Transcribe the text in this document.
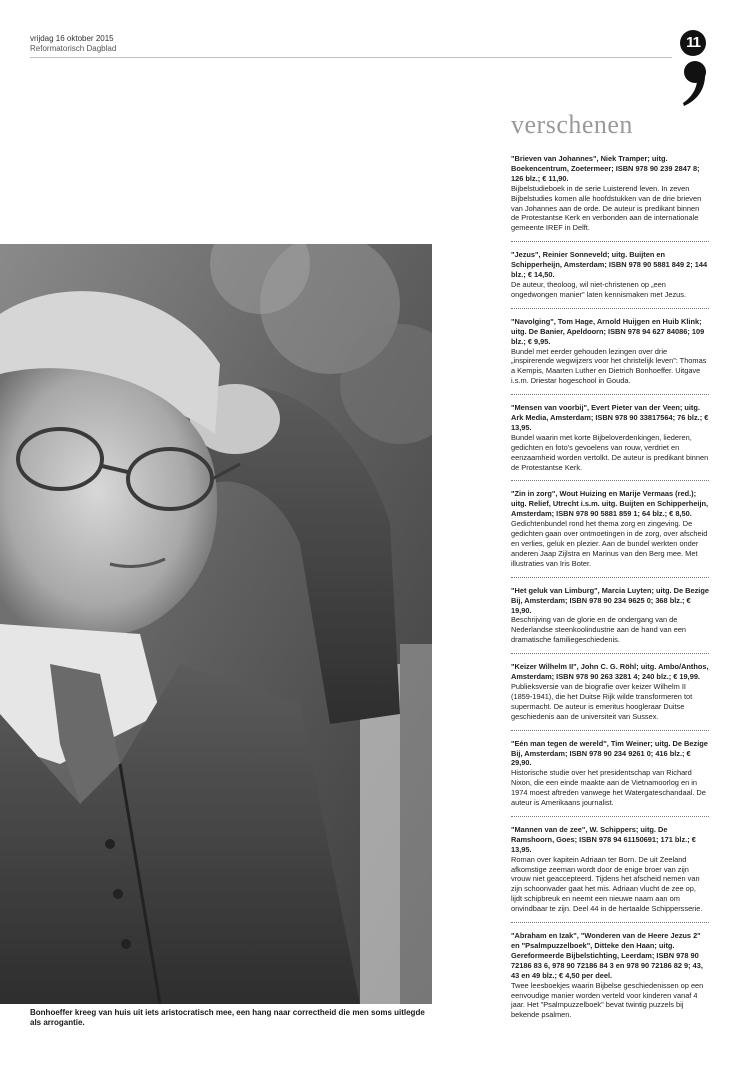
vrijdag 16 oktober 2015
Reformatorisch Dagblad	11
verschenen
Bonhoeffer kreeg van huis uit iets aristocratisch mee, een hang naar correctheid die men soms uitlegde als arrogantie.
"Brieven van Johannes", Niek Tramper; uitg. Boekencentrum, Zoetermeer; ISBN 978 90 239 2847 8; 126 blz.; € 11,90.
Bijbelstudieboek in de serie Luisterend leven. In zeven Bijbelstudies komen alle hoofdstukken van de drie brieven van Johannes aan de orde. De auteur is predikant binnen de Protestantse Kerk en verbonden aan de internationale gemeente IREF in Delft.
"Jezus", Reinier Sonneveld; uitg. Buijten en Schipperheijn, Amsterdam; ISBN 978 90 5881 849 2; 144 blz.; € 14,50.
De auteur, theoloog, wil niet-christenen op „een ongedwongen manier” laten kennismaken met Jezus.
"Navolging", Tom Hage, Arnold Huijgen en Huib Klink; uitg. De Banier, Apeldoorn; ISBN 978 94 627 84086; 109 blz.; € 9,95.
Bundel met eerder gehouden lezingen over drie „inspirerende wegwijzers voor het christelijk leven”: Thomas a Kempis, Maarten Luther en Dietrich Bonhoeffer. Uitgave i.s.m. Driestar hogeschool in Gouda.
"Mensen van voorbij", Evert Pieter van der Veen; uitg. Ark Media, Amsterdam; ISBN 978 90 33817564; 76 blz.; € 13,95.
Bundel waarin met korte Bijbeloverdenkingen, liederen, gedichten en foto's gevoelens van rouw, verdriet en eenzaamheid worden vertolkt. De auteur is predikant binnen de Protestantse Kerk.
"Zin in zorg", Wout Huizing en Marije Vermaas (red.); uitg. Relief, Utrecht i.s.m. uitg. Buijten en Schipperheijn, Amsterdam; ISBN 978 90 5881 859 1; 64 blz.; € 8,50.
Gedichtenbundel rond het thema zorg en zingeving. De gedichten gaan over ontmoetingen in de zorg, over afscheid en verlies, geluk en plezier. Aan de bundel werkten onder anderen Jaap Zijlstra en Marinus van den Berg mee. Met illustraties van Iris Boter.
"Het geluk van Limburg", Marcia Luyten; uitg. De Bezige Bij, Amsterdam; ISBN 978 90 234 9625 0; 368 blz.; € 19,90.
Beschrijving van de glorie en de ondergang van de Nederlandse steenkoolindustrie aan de hand van een dramatische familiegeschiedenis.
"Keizer Wilhelm II", John C. G. Röhl; uitg. Ambo/Anthos, Amsterdam; ISBN 978 90 263 3281 4; 240 blz.; € 19,99.
Publieksversie van de biografie over keizer Wilhelm II (1859-1941), die het Duitse Rijk wilde transformeren tot supermacht. De auteur is emeritus hoogleraar Duitse geschiedenis aan de universiteit van Sussex.
"Eén man tegen de wereld", Tim Weiner; uitg. De Bezige Bij, Amsterdam; ISBN 978 90 234 9261 0; 416 blz.; € 29,90.
Historische studie over het presidentschap van Richard Nixon, die een einde maakte aan de Vietnamoorlog en in 1974 moest aftreden vanwege het Watergateschandaal. De auteur is Amerikaans journalist.
"Mannen van de zee", W. Schippers; uitg. De Ramshoorn, Goes; ISBN 978 94 61150691; 171 blz.; € 13,95.
Roman over kapitein Adriaan ter Born. De uit Zeeland afkomstige zeeman wordt door de enige broer van zijn vrouw niet geaccepteerd. Tijdens het afscheid nemen van zijn schoonvader gaat het mis. Adriaan vlucht de zee op, lijdt schipbreuk en neemt een nieuwe naam aan om onvindbaar te zijn. Deel 44 in de hertaalde Schippersserie.
"Abraham en Izak", "Wonderen van de Heere Jezus 2" en "Psalmpuzzelboek", Ditteke den Haan; uitg. Gereformeerde Bijbelstichting, Leerdam; ISBN 978 90 72186 83 6, 978 90 72186 84 3 en 978 90 72186 82 9; 43, 43 en 49 blz.; € 4,50 per deel.
Twee leesboekjes waarin Bijbelse geschiedenissen op een eenvoudige manier worden verteld voor kinderen vanaf 4 jaar. Het "Psalmpuzzelboek" bevat twintig puzzels bij bekende psalmen.
